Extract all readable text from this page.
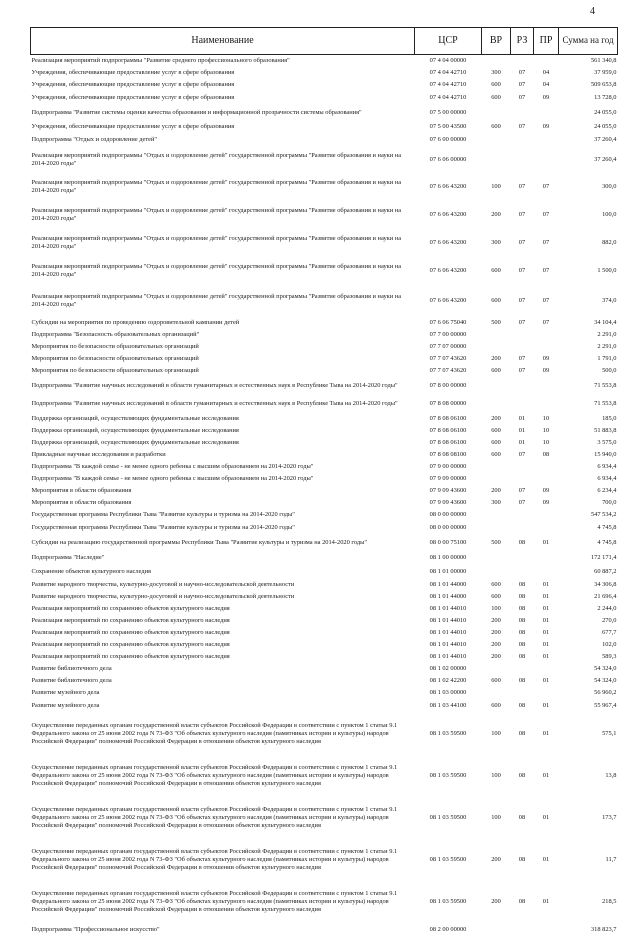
4
Наименование	ЦСР	ВР	РЗ	ПР	Сумма на год
Реализация мероприятий подпрограммы "Развитие среднего профессионального образования"	07 4 04 00000				561 340,8
Учреждения, обеспечивающие предоставление услуг в сфере образования	07 4 04 42710	300	07	04	37 959,0
Учреждения, обеспечивающие предоставление услуг в сфере образования	07 4 04 42710	600	07	04	509 653,8
Учреждения, обеспечивающие предоставление услуг в сфере образования	07 4 04 42710	600	07	09	13 728,0
Подпрограмма "Развитие системы оценки качества образования и информационной прозрачности системы образования"	07 5 00 00000				24 055,0
Учреждения, обеспечивающие предоставление услуг в сфере образования	07 5 00 43500	600	07	09	24 055,0
Подпрограмма "Отдых и оздоровление детей"	07 6 00 00000				37 260,4
Реализация мероприятий подпрограммы "Отдых и оздоровление детей" государственной программы "Развитие образования и науки на 2014-2020 годы"	07 6 06 00000				37 260,4
Реализация мероприятий подпрограммы "Отдых и оздоровление детей" государственной программы "Развитие образования и науки на 2014-2020 годы"	07 6 06 43200	100	07	07	300,0
Реализация мероприятий подпрограммы "Отдых и оздоровление детей" государственной программы "Развитие образования и науки на 2014-2020 годы"	07 6 06 43200	200	07	07	100,0
Реализация мероприятий подпрограммы "Отдых и оздоровление детей" государственной программы "Развитие образования и науки на 2014-2020 годы"	07 6 06 43200	300	07	07	882,0
Реализация мероприятий подпрограммы "Отдых и оздоровление детей" государственной программы "Развитие образования и науки на 2014-2020 годы"	07 6 06 43200	600	07	07	1 500,0
Реализация мероприятий подпрограммы "Отдых и оздоровление детей" государственной программы "Развитие образования и науки на 2014-2020 годы"	07 6 06 43200	600	07	07	374,0
Субсидии на мероприятия по проведению оздоровительной кампании детей	07 6 06 75040	500	07	07	34 104,4
Подпрограмма "Безопасность образовательных организаций"	07 7 00 00000				2 291,0
Мероприятия по безопасности образовательных организаций	07 7 07 00000				2 291,0
Мероприятия по безопасности образовательных организаций	07 7 07 43620	200	07	09	1 791,0
Мероприятия по безопасности образовательных организаций	07 7 07 43620	600	07	09	500,0
Подпрограмма "Развитие научных исследований в области гуманитарных и естественных наук в Республике Тыва на 2014-2020 годы"	07 8 00 00000				71 553,8
Подпрограмма "Развитие научных исследований в области гуманитарных и естественных наук в Республике Тыва на 2014-2020 годы"	07 8 08 00000				71 553,8
Поддержка организаций, осуществляющих фундаментальные исследования	07 8 08 06100	200	01	10	185,0
Поддержка организаций, осуществляющих фундаментальные исследования	07 8 08 06100	600	01	10	51 883,8
Поддержка организаций, осуществляющих фундаментальные исследования	07 8 08 06100	600	01	10	3 575,0
Прикладные научные исследования и разработки	07 8 08 08100	600	07	08	15 940,0
Подпрограмма "В каждой семье - не менее одного ребенка с высшим образованием на 2014-2020 годы"	07 9 00 00000				6 934,4
Подпрограмма "В каждой семье - не менее одного ребенка с высшим образованием на 2014-2020 годы"	07 9 09 00000				6 934,4
Мероприятия в области образования	07 9 09 43600	200	07	09	6 234,4
Мероприятия в области образования	07 9 09 43600	300	07	09	700,0
Государственная программа Республики Тыва "Развитие культуры и туризма на 2014-2020 годы"	08 0 00 00000				547 534,2
Государственная программа Республики Тыва "Развитие культуры и туризма на 2014-2020 годы"	08 0 00 00000				4 745,8
Субсидии на реализацию государственной программы Республики Тыва "Развитие культуры и туризма на 2014-2020 годы"	08 0 00 75100	500	08	01	4 745,8
Подпрограмма "Наследие"	08 1 00 00000				172 171,4
Сохранение объектов культурного наследия	08 1 01 00000				60 887,2
Развитие народного творчества, культурно-досуговой и научно-исследовательской деятельности	08 1 01 44000	600	08	01	34 306,8
Развитие народного творчества, культурно-досуговой и научно-исследовательской деятельности	08 1 01 44000	600	08	01	21 696,4
Реализация мероприятий по сохранению объектов культурного наследия	08 1 01 44010	100	08	01	2 244,0
Реализация мероприятий по сохранению объектов культурного наследия	08 1 01 44010	200	08	01	270,0
Реализация мероприятий по сохранению объектов культурного наследия	08 1 01 44010	200	08	01	677,7
Реализация мероприятий по сохранению объектов культурного наследия	08 1 01 44010	200	08	01	102,0
Реализация мероприятий по сохранению объектов культурного наследия	08 1 01 44010	200	08	01	589,3
Развитие библиотечного дела	08 1 02 00000				54 324,0
Развитие библиотечного дела	08 1 02 42200	600	08	01	54 324,0
Развитие музейного дела	08 1 03 00000				56 960,2
Развитие музейного дела	08 1 03 44100	600	08	01	55 967,4
Осуществление переданных органам государственной власти субъектов Российской Федерации в соответствии с пунктом 1 статьи 9.1 Федерального закона от 25 июня 2002 года N 73-ФЗ "Об объектах культурного наследия (памятниках истории и культуры) народов Российской Федерации" полномочий Российской Федерации в отношении объектов культурного наследия	08 1 03 59500	100	08	01	575,1
Осуществление переданных органам государственной власти субъектов Российской Федерации в соответствии с пунктом 1 статьи 9.1 Федерального закона от 25 июня 2002 года N 73-ФЗ "Об объектах культурного наследия (памятниках истории и культуры) народов Российской Федерации" полномочий Российской Федерации в отношении объектов культурного наследия	08 1 03 59500	100	08	01	13,8
Осуществление переданных органам государственной власти субъектов Российской Федерации в соответствии с пунктом 1 статьи 9.1 Федерального закона от 25 июня 2002 года N 73-ФЗ "Об объектах культурного наследия (памятниках истории и культуры) народов Российской Федерации" полномочий Российской Федерации в отношении объектов культурного наследия	08 1 03 59500	100	08	01	173,7
Осуществление переданных органам государственной власти субъектов Российской Федерации в соответствии с пунктом 1 статьи 9.1 Федерального закона от 25 июня 2002 года N 73-ФЗ "Об объектах культурного наследия (памятниках истории и культуры) народов Российской Федерации" полномочий Российской Федерации в отношении объектов культурного наследия	08 1 03 59500	200	08	01	11,7
Осуществление переданных органам государственной власти субъектов Российской Федерации в соответствии с пунктом 1 статьи 9.1 Федерального закона от 25 июня 2002 года N 73-ФЗ "Об объектах культурного наследия (памятниках истории и культуры) народов Российской Федерации" полномочий Российской Федерации в отношении объектов культурного наследия	08 1 03 59500	200	08	01	218,5
Подпрограмма "Профессиональное искусство"	08 2 00 00000				318 823,7
